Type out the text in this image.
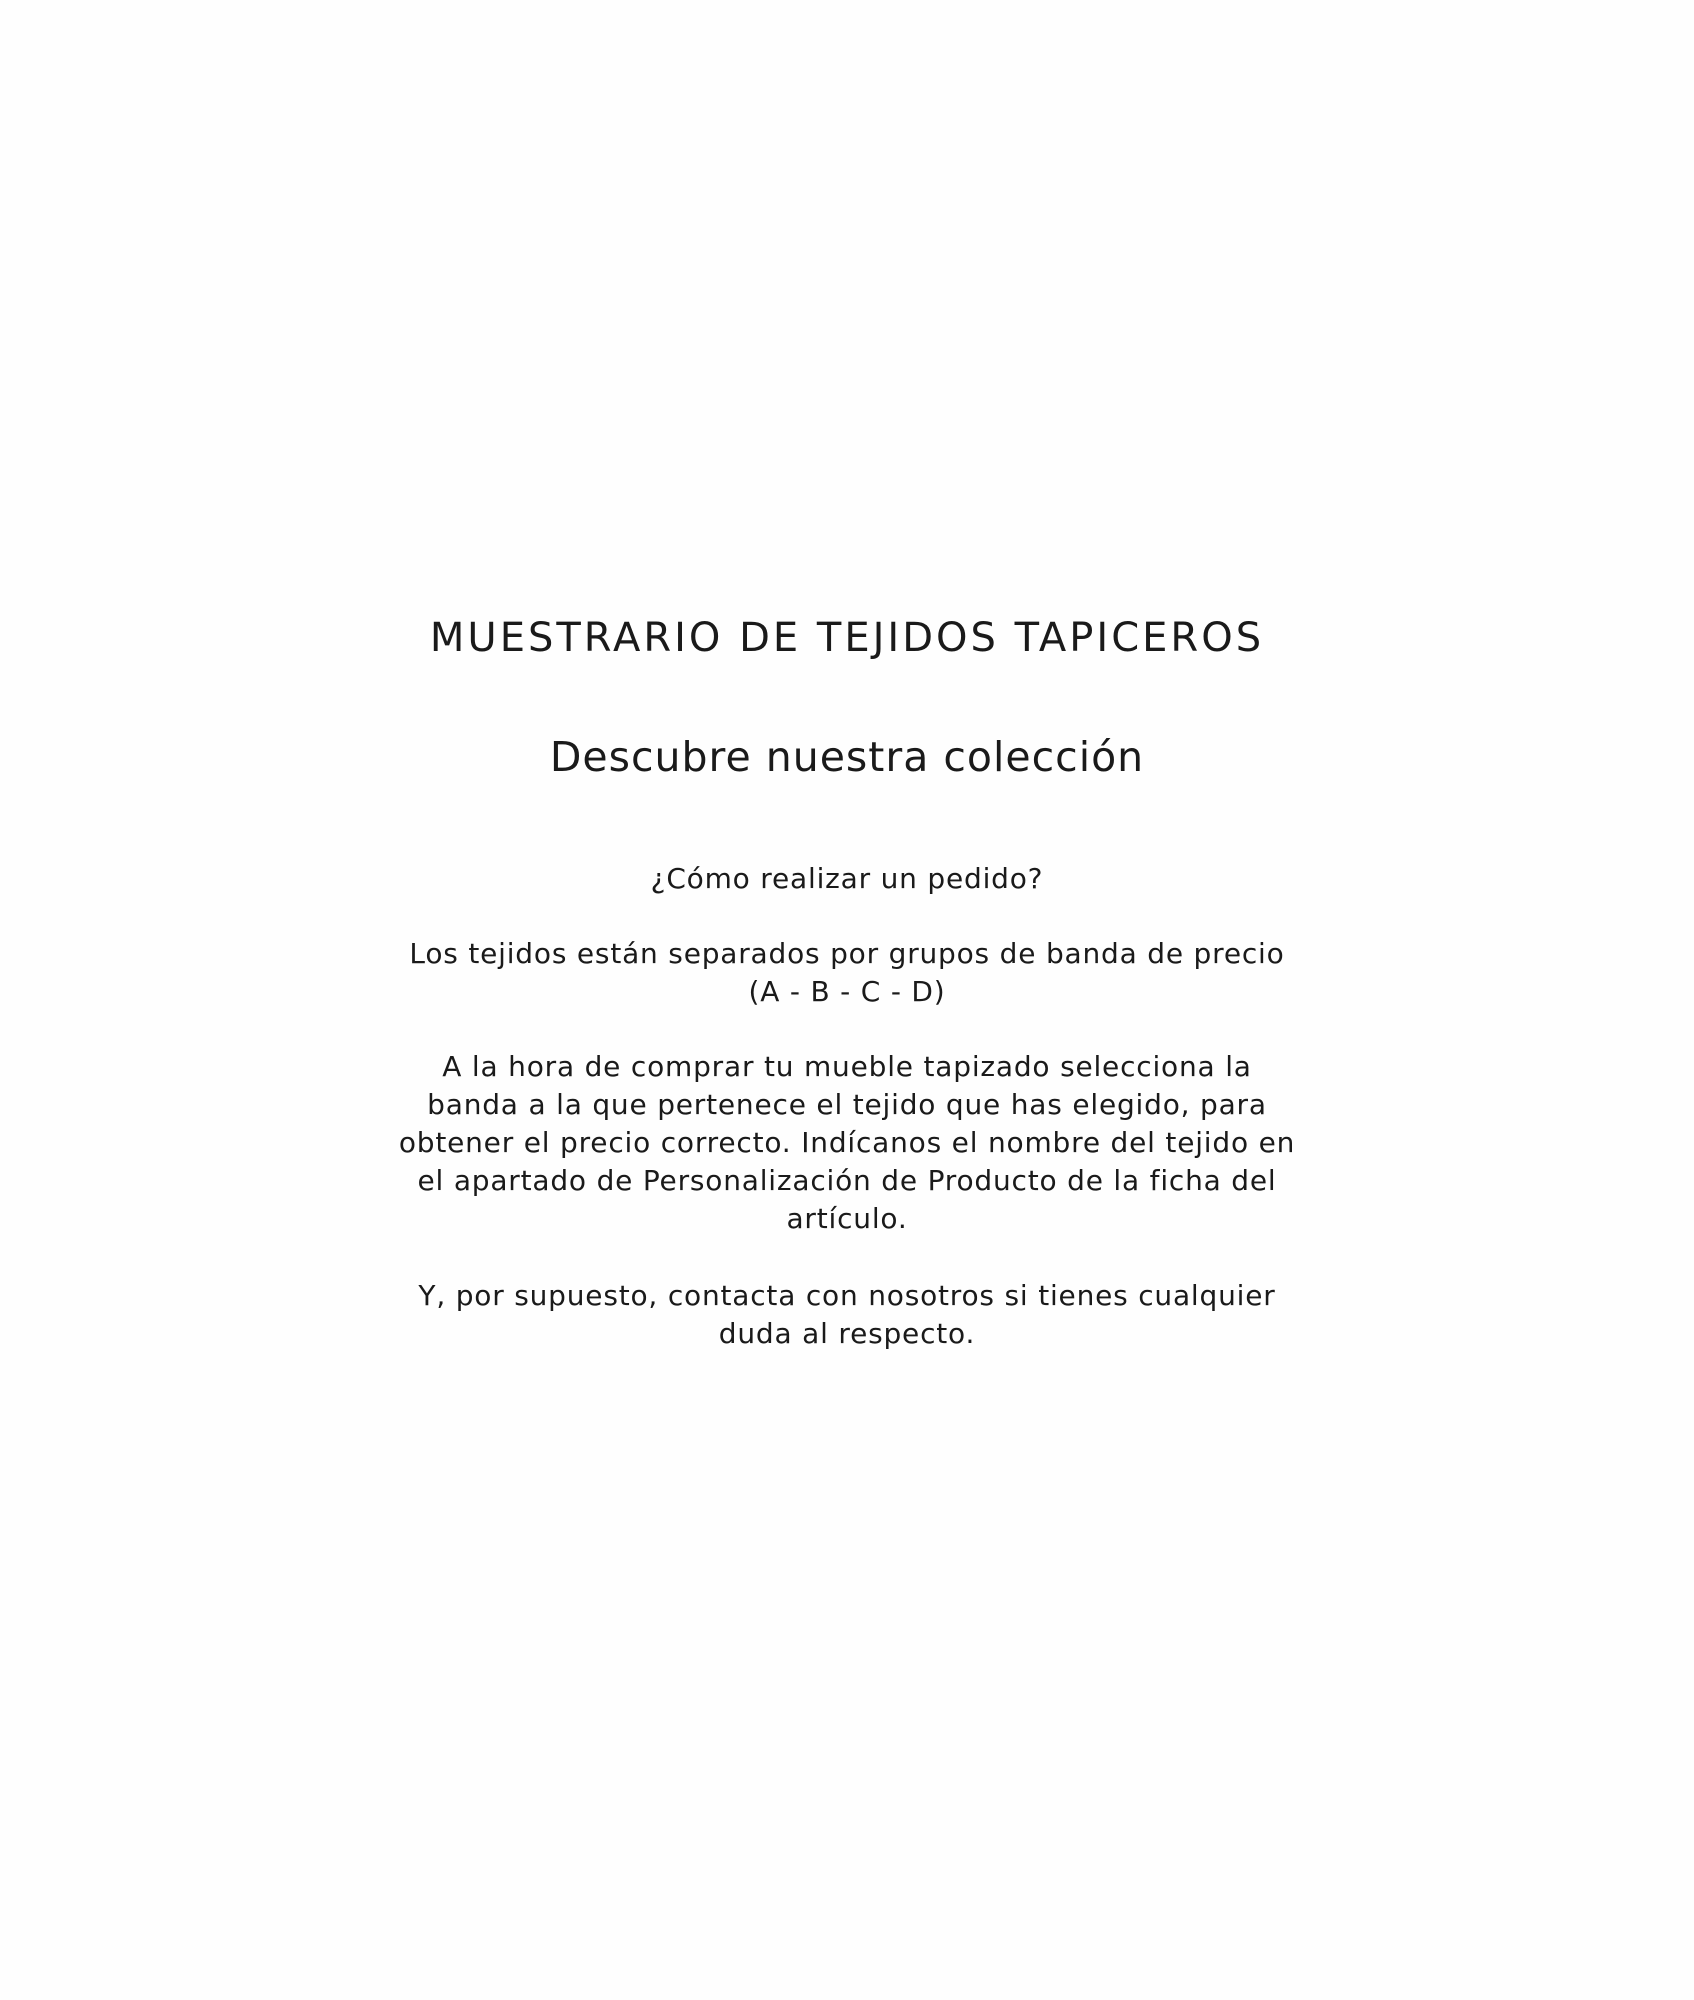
MUESTRARIO DE TEJIDOS TAPICEROS
Descubre nuestra colección

¿Cómo realizar un pedido?

Los tejidos están separados por grupos de banda de precio (A - B - C - D)

A la hora de comprar tu mueble tapizado selecciona la banda a la que pertenece el tejido que has elegido, para obtener el precio correcto. Indícanos el nombre del tejido en el apartado de Personalización de Producto de la ficha del artículo.

Y, por supuesto, contacta con nosotros si tienes cualquier duda al respecto.
